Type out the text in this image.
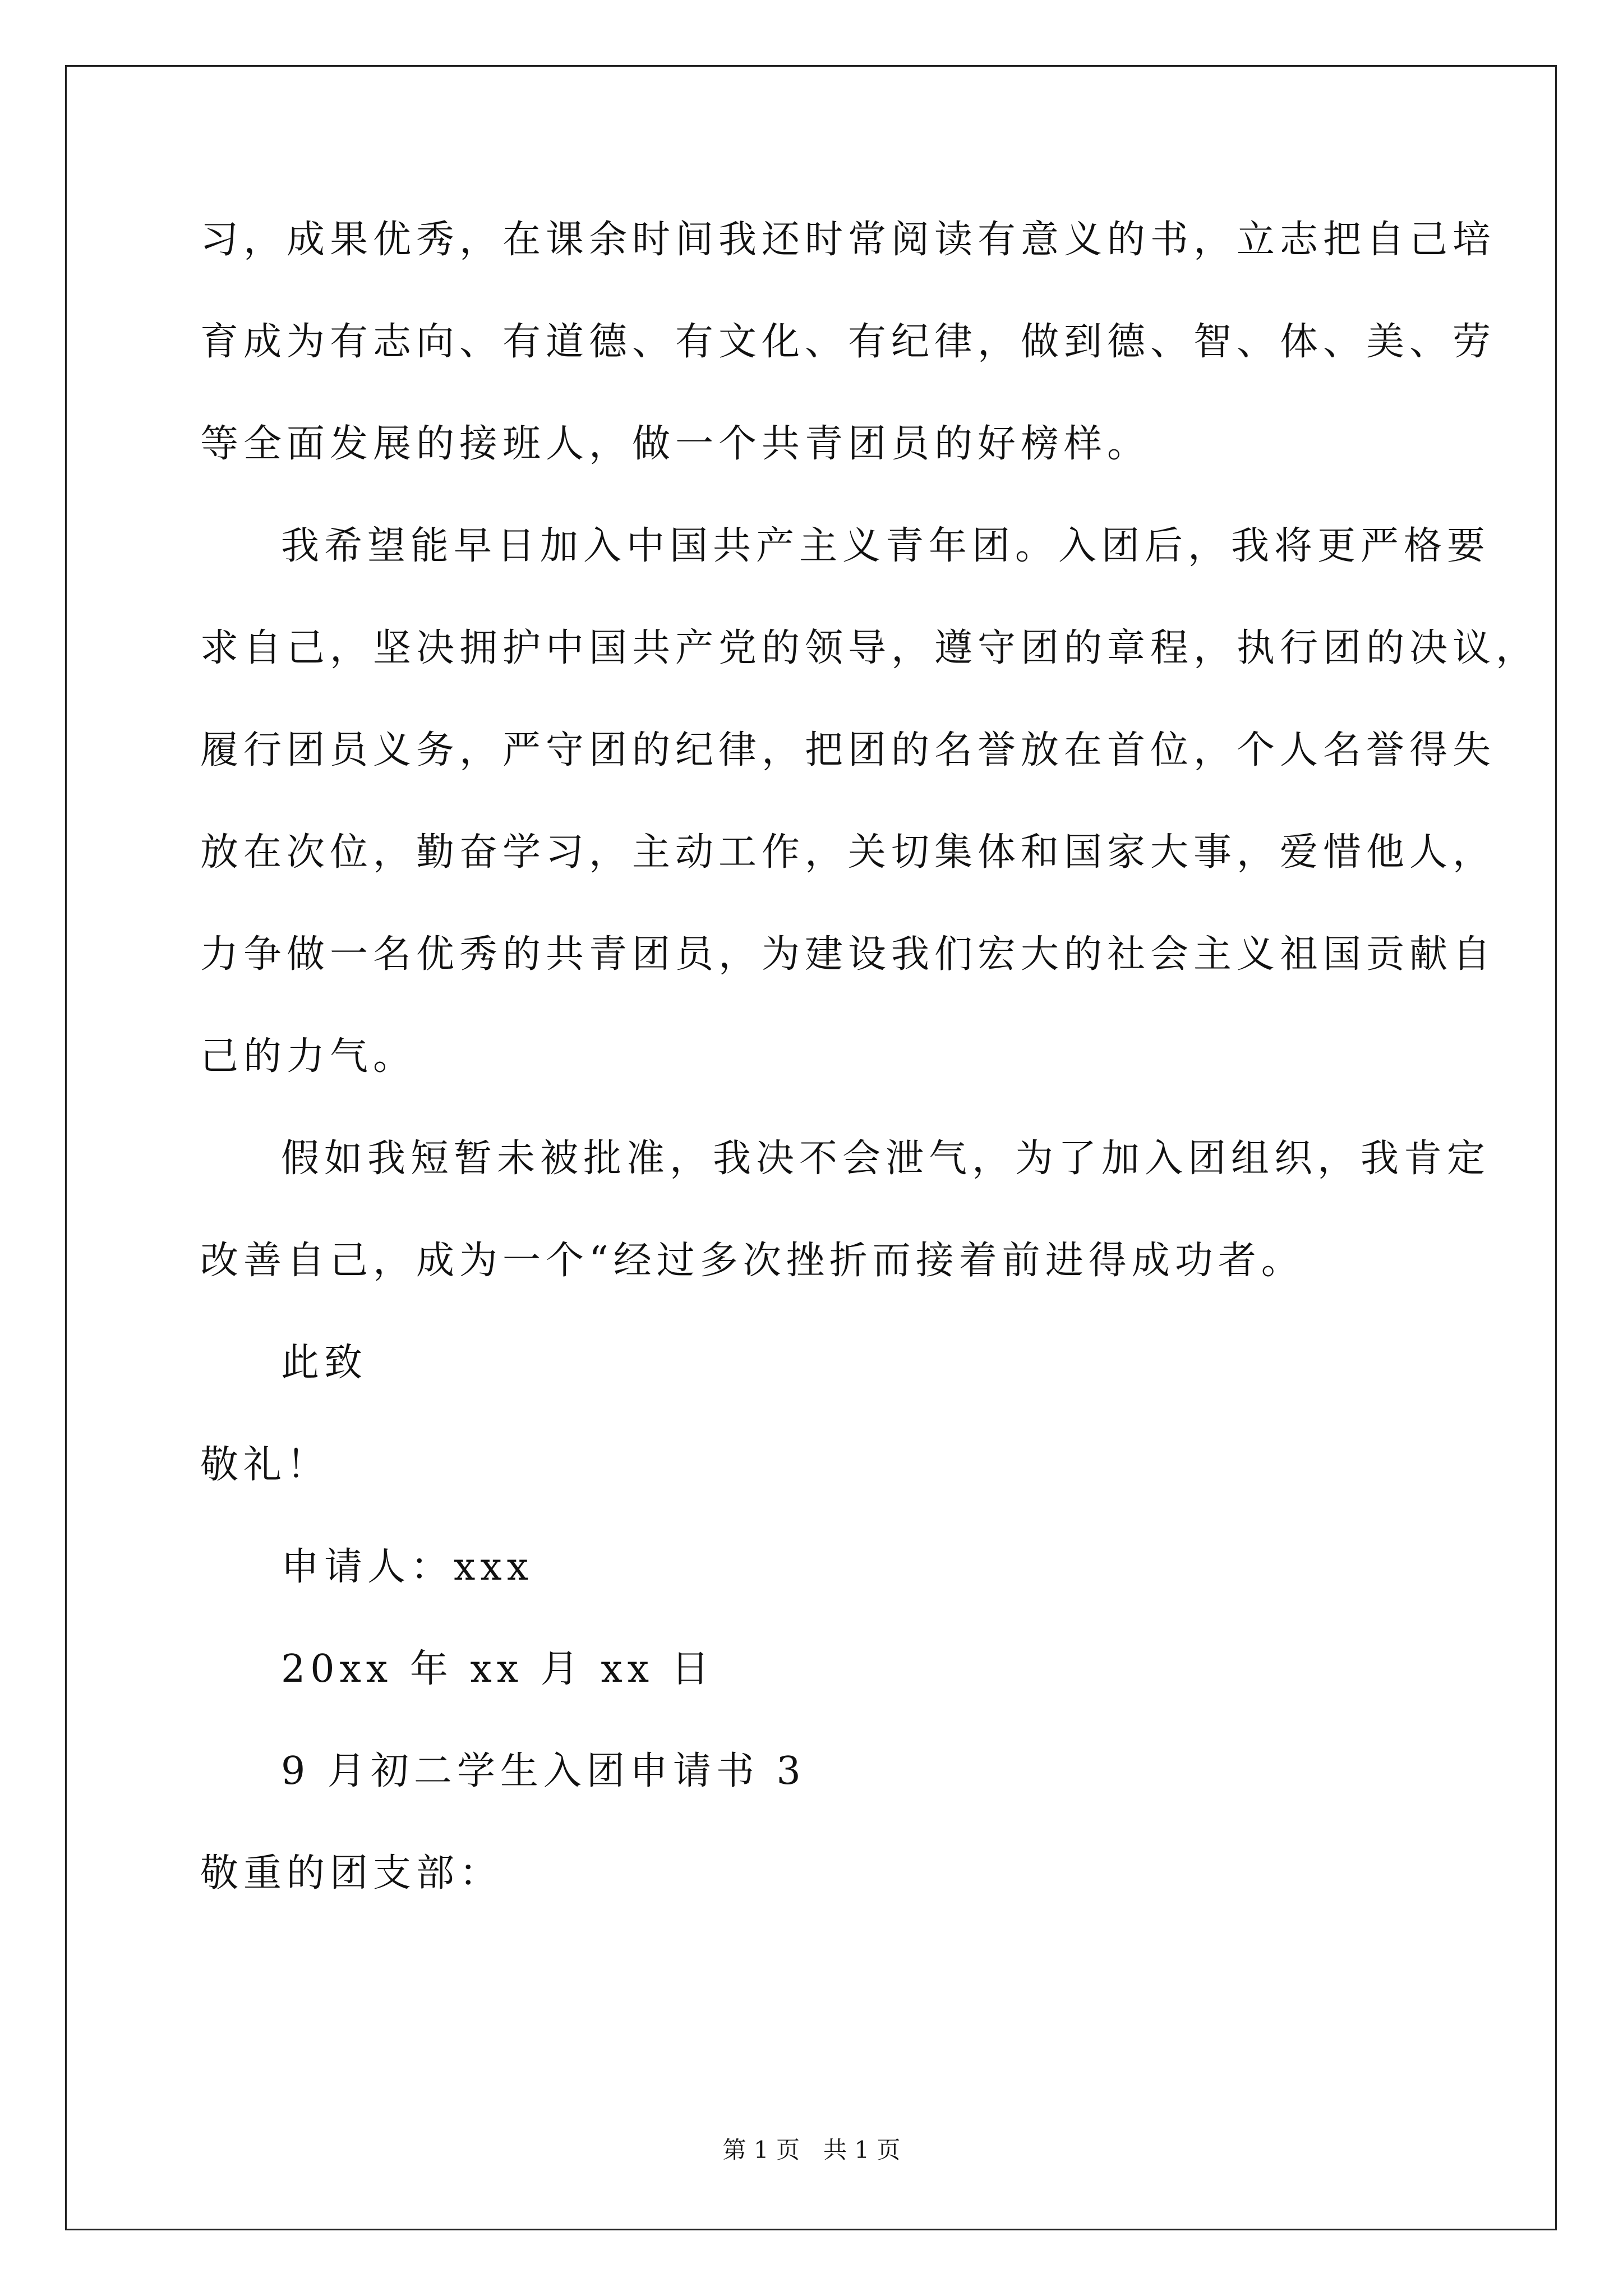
习，成果优秀，在课余时间我还时常阅读有意义的书，立志把自己培
育成为有志向、有道德、有文化、有纪律，做到德、智、体、美、劳
等全面发展的接班人，做一个共青团员的好榜样。
我希望能早日加入中国共产主义青年团。入团后，我将更严格要
求自己，坚决拥护中国共产党的领导，遵守团的章程，执行团的决议，
履行团员义务，严守团的纪律，把团的名誉放在首位，个人名誉得失
放在次位，勤奋学习，主动工作，关切集体和国家大事，爱惜他人，
力争做一名优秀的共青团员，为建设我们宏大的社会主义祖国贡献自
己的力气。
假如我短暂未被批准，我决不会泄气，为了加入团组织，我肯定
改善自己，成为一个“经过多次挫折而接着前进得成功者。
此致
敬礼！
申请人：xxx
20xx 年 xx 月 xx 日
9 月初二学生入团申请书 3
敬重的团支部：
第 1 页　共 1 页
